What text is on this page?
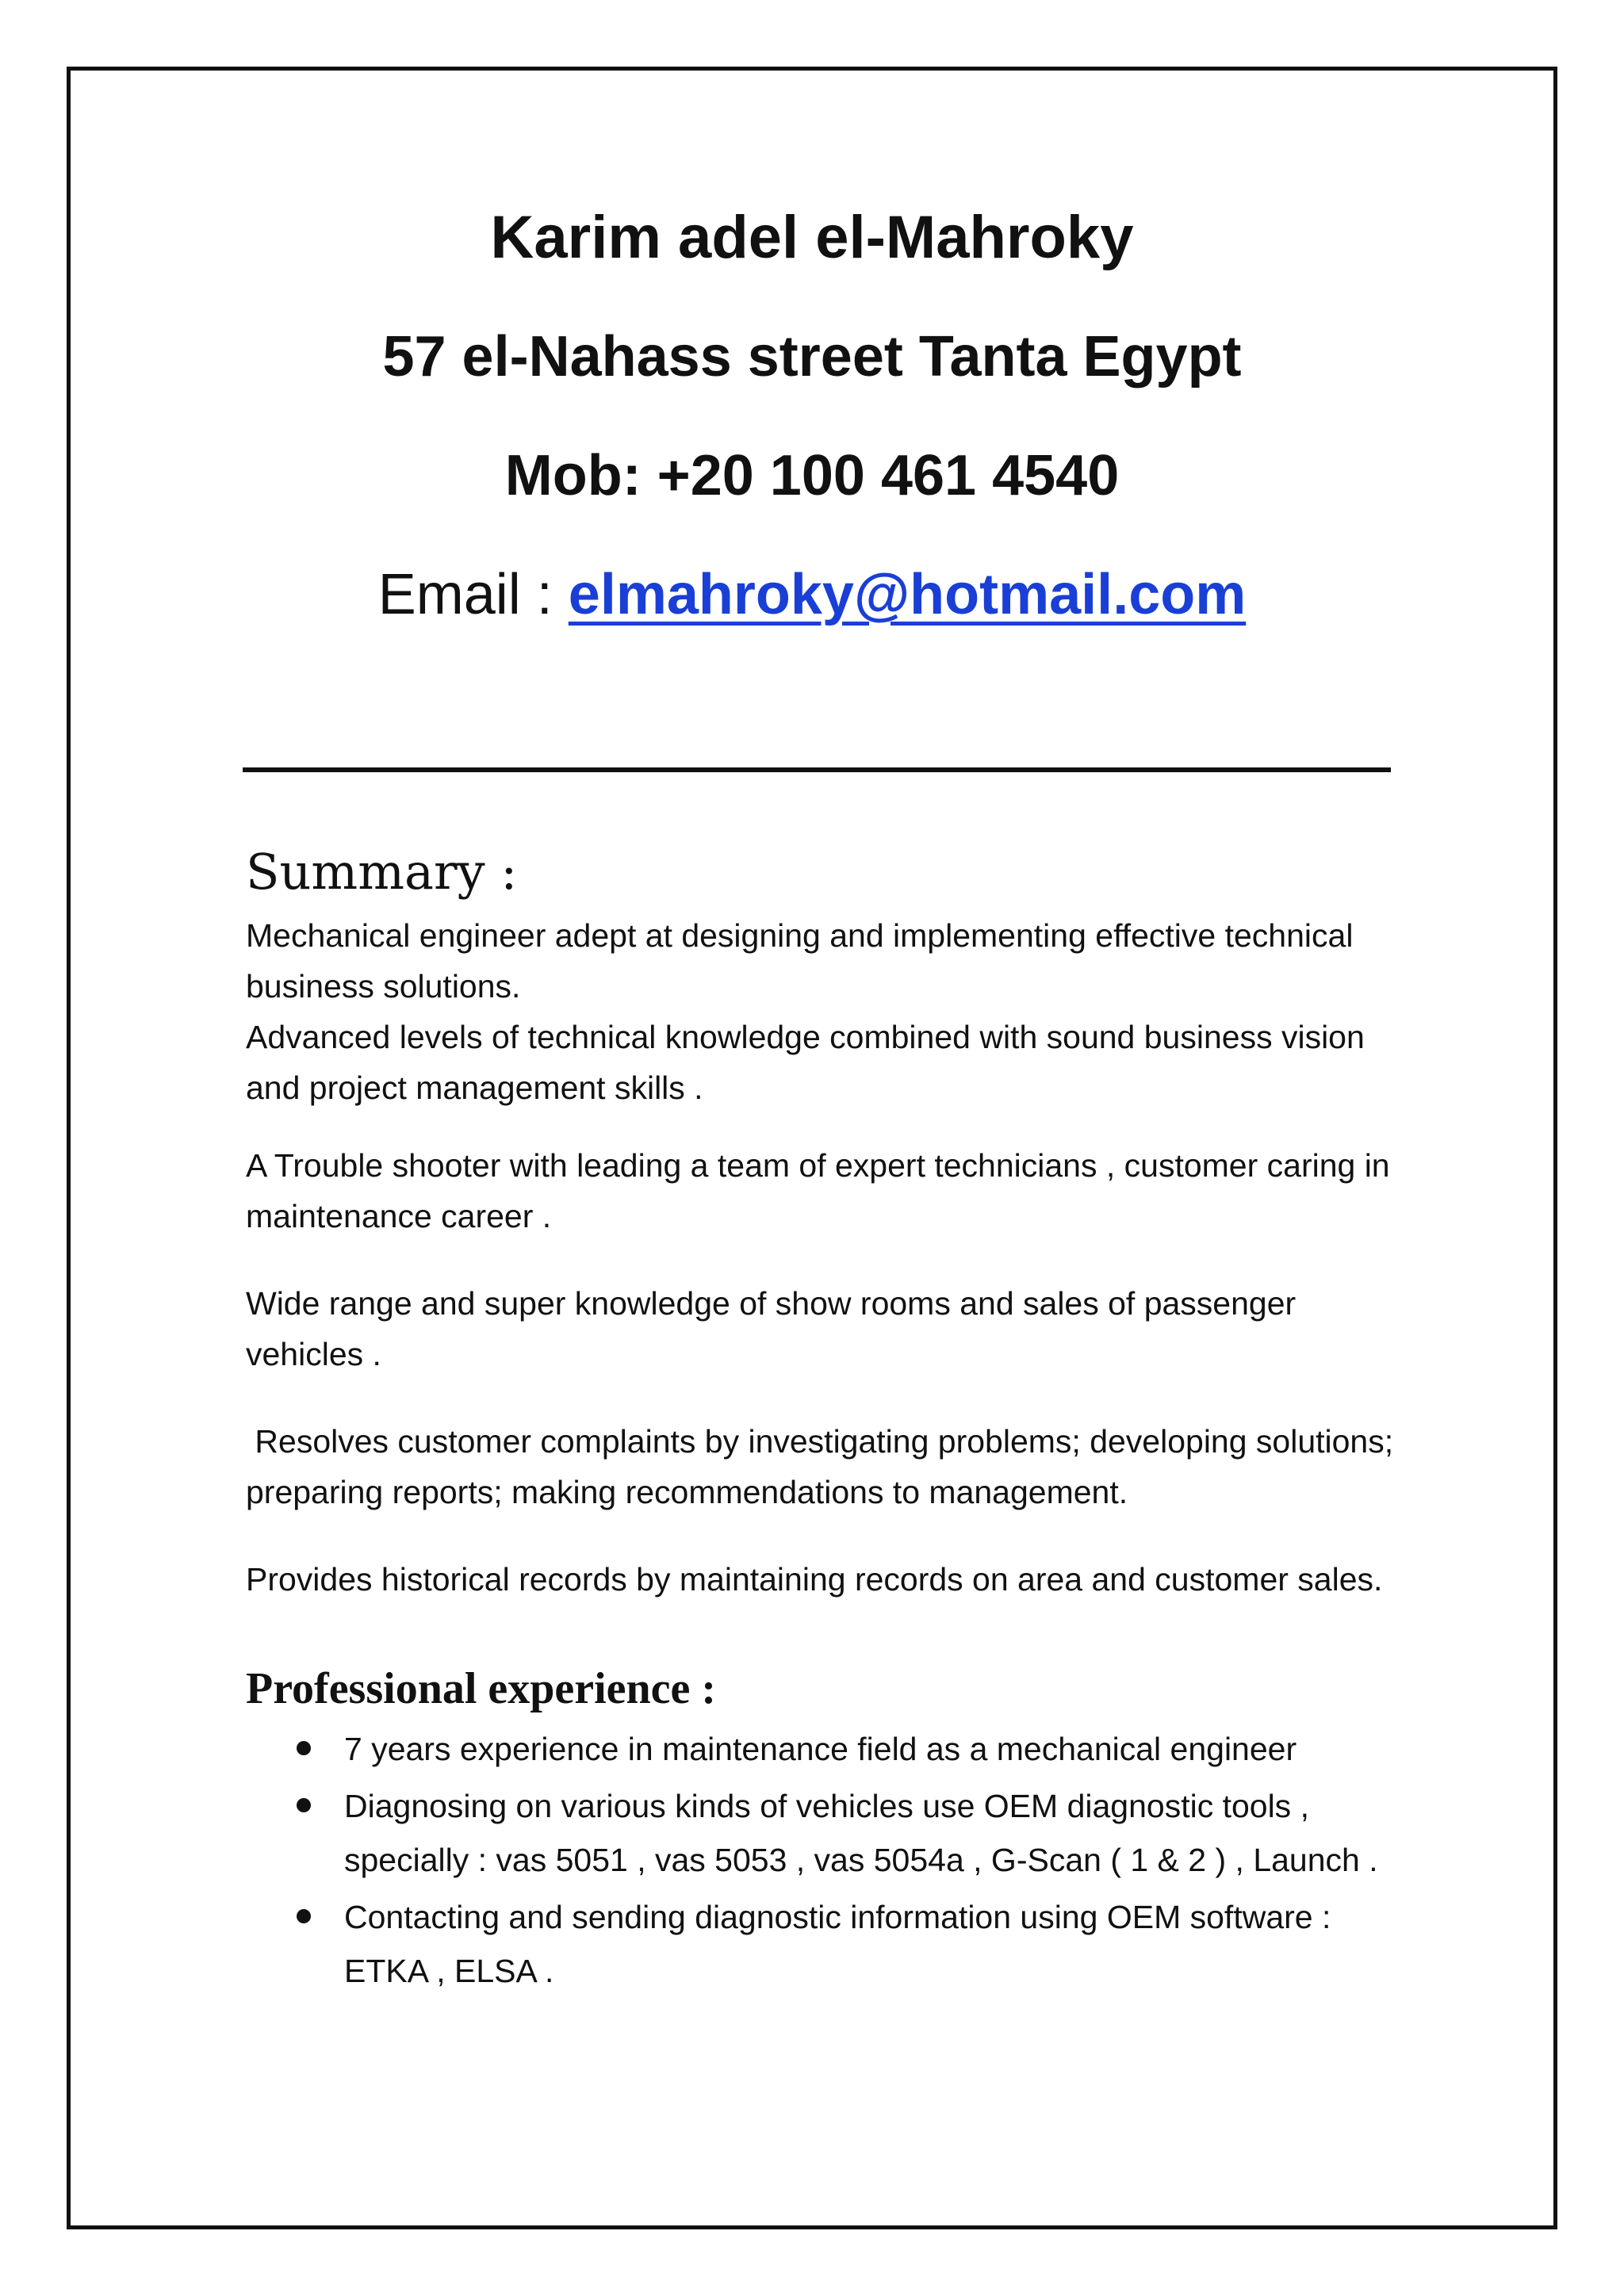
Karim adel el-Mahroky

57 el-Nahass street Tanta Egypt

Mob: +20 100 461 4540

Email : elmahroky@hotmail.com

Summary :

Mechanical engineer adept at designing and implementing effective technical business solutions.

Advanced levels of technical knowledge combined with sound business vision and project management skills .

A Trouble shooter with leading a team of expert technicians , customer caring in maintenance career .

Wide range and super knowledge of show rooms and sales of passenger vehicles .

Resolves customer complaints by investigating problems; developing solutions; preparing reports; making recommendations to management.

Provides historical records by maintaining records on area and customer sales.

Professional experience :
7 years experience in maintenance field as a mechanical engineer
Diagnosing on various kinds of vehicles use OEM diagnostic tools , specially : vas 5051 , vas 5053 , vas 5054a , G-Scan ( 1 & 2 ) , Launch .
Contacting and sending diagnostic information using OEM software : ETKA , ELSA .
